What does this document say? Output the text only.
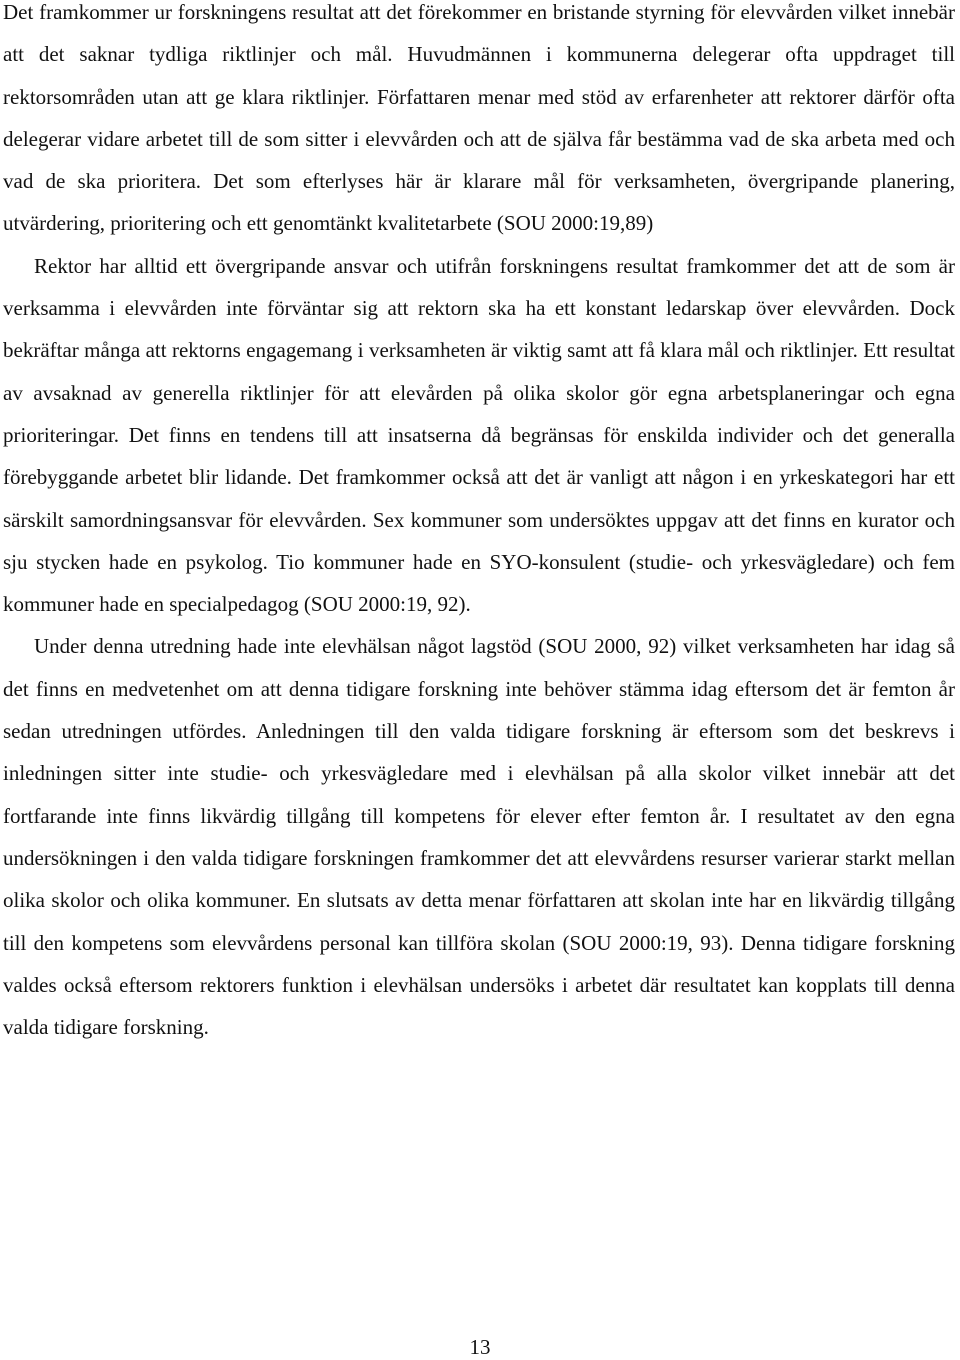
Det framkommer ur forskningens resultat att det förekommer en bristande styrning för elevvården vilket innebär att det saknar tydliga riktlinjer och mål. Huvudmännen i kommunerna delegerar ofta uppdraget till rektorsområden utan att ge klara riktlinjer. Författaren menar med stöd av erfarenheter att rektorer därför ofta delegerar vidare arbetet till de som sitter i elevvården och att de själva får bestämma vad de ska arbeta med och vad de ska prioritera. Det som efterlyses här är klarare mål för verksamheten, övergripande planering, utvärdering, prioritering och ett genomtänkt kvalitetarbete (SOU 2000:19,89)

Rektor har alltid ett övergripande ansvar och utifrån forskningens resultat framkommer det att de som är verksamma i elevvården inte förväntar sig att rektorn ska ha ett konstant ledarskap över elevvården. Dock bekräftar många att rektorns engagemang i verksamheten är viktig samt att få klara mål och riktlinjer. Ett resultat av avsaknad av generella riktlinjer för att elevården på olika skolor gör egna arbetsplaneringar och egna prioriteringar. Det finns en tendens till att insatserna då begränsas för enskilda individer och det generalla förebyggande arbetet blir lidande. Det framkommer också att det är vanligt att någon i en yrkeskategori har ett särskilt samordningsansvar för elevvården. Sex kommuner som undersöktes uppgav att det finns en kurator och sju stycken hade en psykolog. Tio kommuner hade en SYO-konsulent (studie- och yrkesvägledare) och fem kommuner hade en specialpedagog (SOU 2000:19, 92).

Under denna utredning hade inte elevhälsan något lagstöd (SOU 2000, 92) vilket verksamheten har idag så det finns en medvetenhet om att denna tidigare forskning inte behöver stämma idag eftersom det är femton år sedan utredningen utfördes. Anledningen till den valda tidigare forskning är eftersom som det beskrevs i inledningen sitter inte studie- och yrkesvägledare med i elevhälsan på alla skolor vilket innebär att det fortfarande inte finns likvärdig tillgång till kompetens för elever efter femton år. I resultatet av den egna undersökningen i den valda tidigare forskningen framkommer det att elevvårdens resurser varierar starkt mellan olika skolor och olika kommuner. En slutsats av detta menar författaren att skolan inte har en likvärdig tillgång till den kompetens som elevvårdens personal kan tillföra skolan (SOU 2000:19, 93). Denna tidigare forskning valdes också eftersom rektorers funktion i elevhälsan undersöks i arbetet där resultatet kan kopplats till denna valda tidigare forskning.

13
